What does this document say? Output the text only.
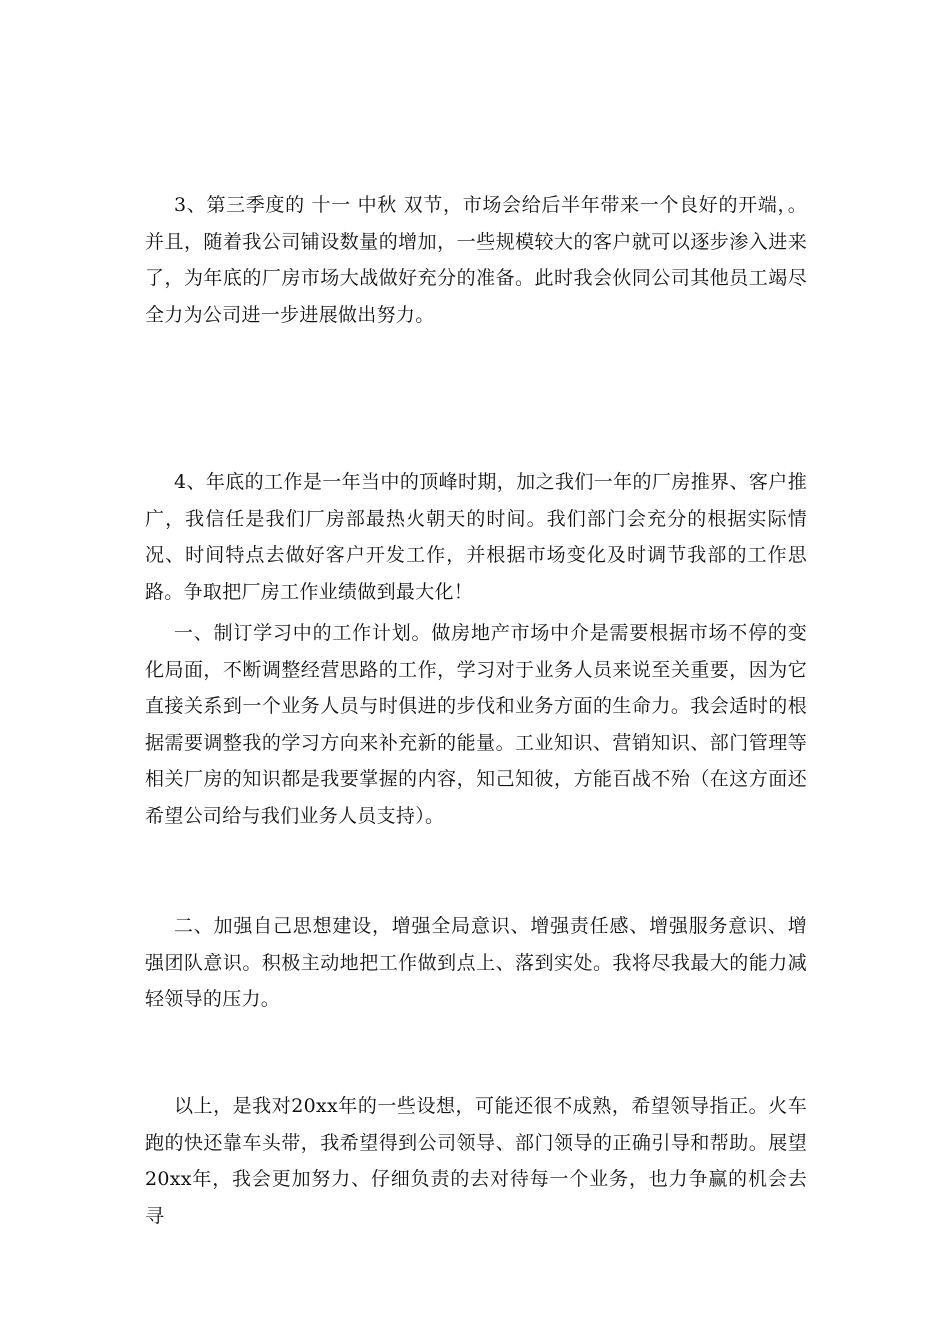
3、第三季度的 十一 中秋 双节，市场会给后半年带来一个良好的开端，。并且，随着我公司铺设数量的增加，一些规模较大的客户就可以逐步渗入进来了，为年底的厂房市场大战做好充分的准备。此时我会伙同公司其他员工竭尽全力为公司进一步进展做出努力。

4、年底的工作是一年当中的顶峰时期，加之我们一年的厂房推界、客户推广，我信任是我们厂房部最热火朝天的时间。我们部门会充分的根据实际情况、时间特点去做好客户开发工作，并根据市场变化及时调节我部的工作思路。争取把厂房工作业绩做到最大化！

一、制订学习中的工作计划。做房地产市场中介是需要根据市场不停的变化局面，不断调整经营思路的工作，学习对于业务人员来说至关重要，因为它直接关系到一个业务人员与时俱进的步伐和业务方面的生命力。我会适时的根据需要调整我的学习方向来补充新的能量。工业知识、营销知识、部门管理等相关厂房的知识都是我要掌握的内容，知己知彼，方能百战不殆（在这方面还希望公司给与我们业务人员支持）。

二、加强自己思想建设，增强全局意识、增强责任感、增强服务意识、增强团队意识。积极主动地把工作做到点上、落到实处。我将尽我最大的能力减轻领导的压力。

以上，是我对20xx年的一些设想，可能还很不成熟，希望领导指正。火车跑的快还靠车头带，我希望得到公司领导、部门领导的正确引导和帮助。展望20xx年，我会更加努力、仔细负责的去对待每一个业务，也力争赢的机会去寻
